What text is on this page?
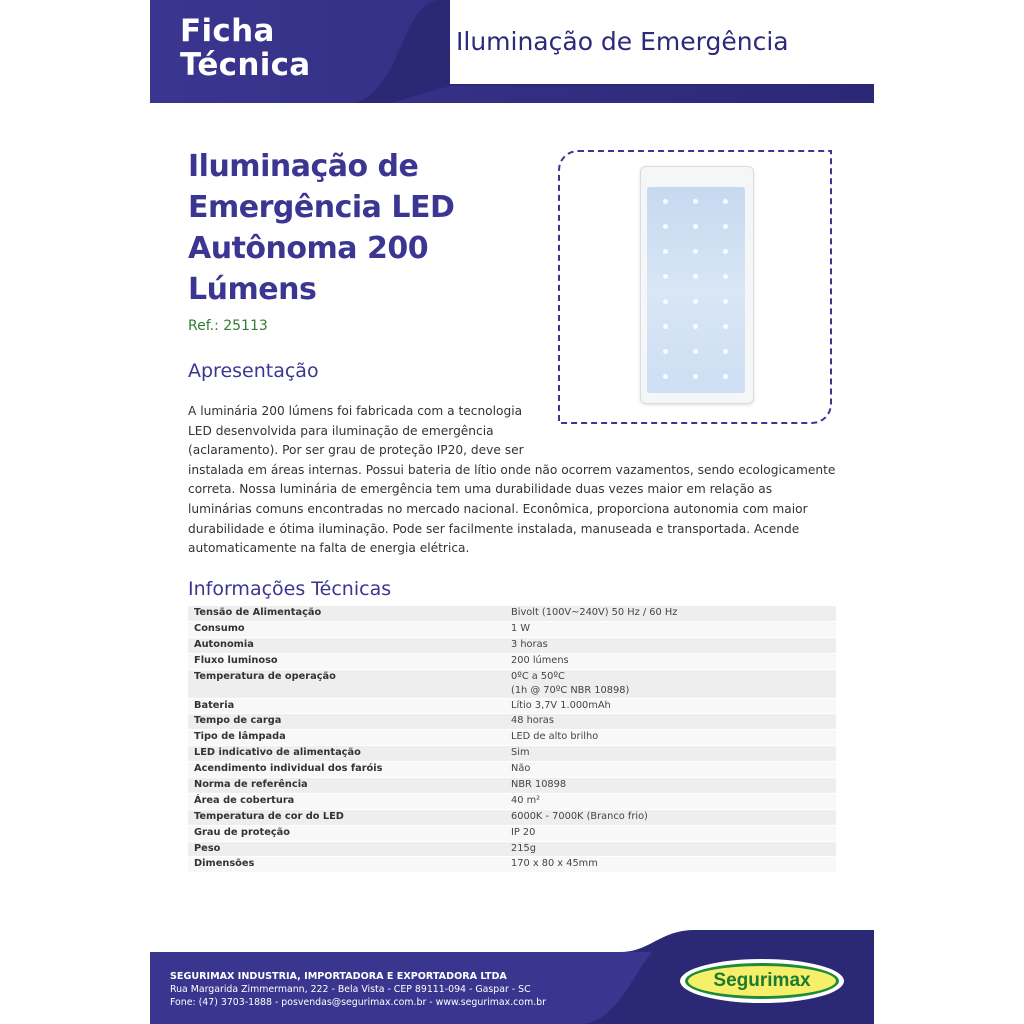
Ficha
Técnica
Iluminação de Emergência
Iluminação de Emergência LED Autônoma 200 Lúmens
Ref.: 25113
Apresentação
A luminária 200 lúmens foi fabricada com a tecnologia LED desenvolvida para iluminação de emergência (aclaramento). Por ser grau de proteção IP20, deve ser
instalada em áreas internas. Possui bateria de lítio onde não ocorrem vazamentos, sendo ecologicamente correta. Nossa luminária de emergência tem uma durabilidade duas vezes maior em relação as luminárias comuns encontradas no mercado nacional. Econômica, proporciona autonomia com maior durabilidade e ótima iluminação. Pode ser facilmente instalada, manuseada e transportada. Acende automaticamente na falta de energia elétrica.
Informações Técnicas
Tensão de Alimentação	Bivolt (100V~240V) 50 Hz / 60 Hz
Consumo	1 W
Autonomia	3 horas
Fluxo luminoso	200 lúmens
Temperatura de operação	0ºC a 50ºC
(1h @ 70ºC NBR 10898)

Bateria	Lítio 3,7V 1.000mAh
Tempo de carga	48 horas
Tipo de lâmpada	LED de alto brilho
LED indicativo de alimentação	Sim
Acendimento individual dos faróis	Não
Norma de referência	NBR 10898
Área de cobertura	40 m²
Temperatura de cor do LED	6000K - 7000K (Branco frio)
Grau de proteção	IP 20
Peso	215g
Dimensões	170 x 80 x 45mm
SEGURIMAX INDUSTRIA, IMPORTADORA E EXPORTADORA LTDA
Rua Margarida Zimmermann, 222 - Bela Vista - CEP 89111-094 - Gaspar - SC
Fone: (47) 3703-1888 - posvendas@segurimax.com.br - www.segurimax.com.br
Segurimax
